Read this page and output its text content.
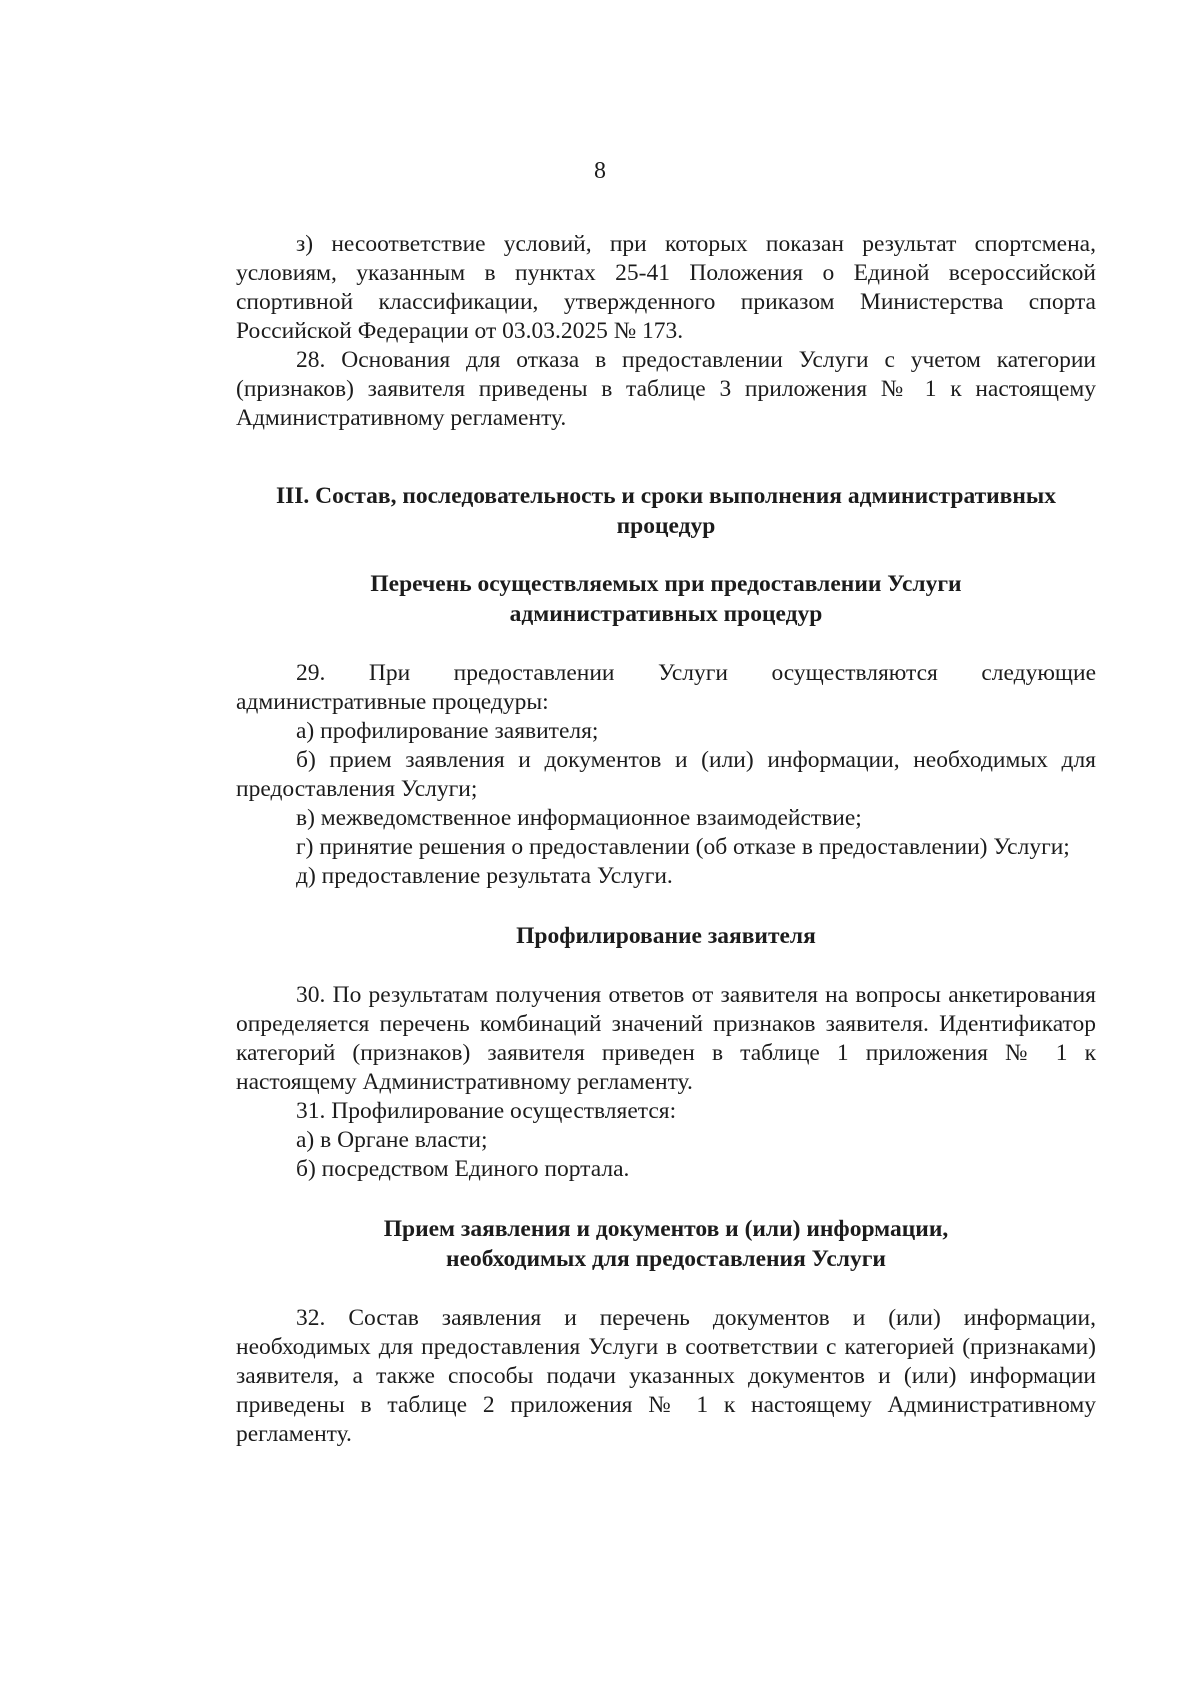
8

з) несоответствие условий, при которых показан результат спортсмена, условиям, указанным в пунктах 25-41 Положения о Единой всероссийской спортивной классификации, утвержденного приказом Министерства спорта Российской Федерации от 03.03.2025 № 173.

28. Основания для отказа в предоставлении Услуги с учетом категории (признаков) заявителя приведены в таблице 3 приложения № 1 к настоящему Административному регламенту.

III. Состав, последовательность и сроки выполнения административных
процедур
Перечень осуществляемых при предоставлении Услуги
административных процедур

29. При предоставлении Услуги осуществляются следующие административные процедуры:

а) профилирование заявителя;

б) прием заявления и документов и (или) информации, необходимых для предоставления Услуги;

в) межведомственное информационное взаимодействие;

г) принятие решения о предоставлении (об отказе в предоставлении) Услуги;

д) предоставление результата Услуги.

Профилирование заявителя

30. По результатам получения ответов от заявителя на вопросы анкетирования определяется перечень комбинаций значений признаков заявителя. Идентификатор категорий (признаков) заявителя приведен в таблице 1 приложения № 1 к настоящему Административному регламенту.

31. Профилирование осуществляется:

а) в Органе власти;

б) посредством Единого портала.

Прием заявления и документов и (или) информации,
необходимых для предоставления Услуги

32. Состав заявления и перечень документов и (или) информации, необходимых для предоставления Услуги в соответствии с категорией (признаками) заявителя, а также способы подачи указанных документов и (или) информации приведены в таблице 2 приложения № 1 к настоящему Административному регламенту.
